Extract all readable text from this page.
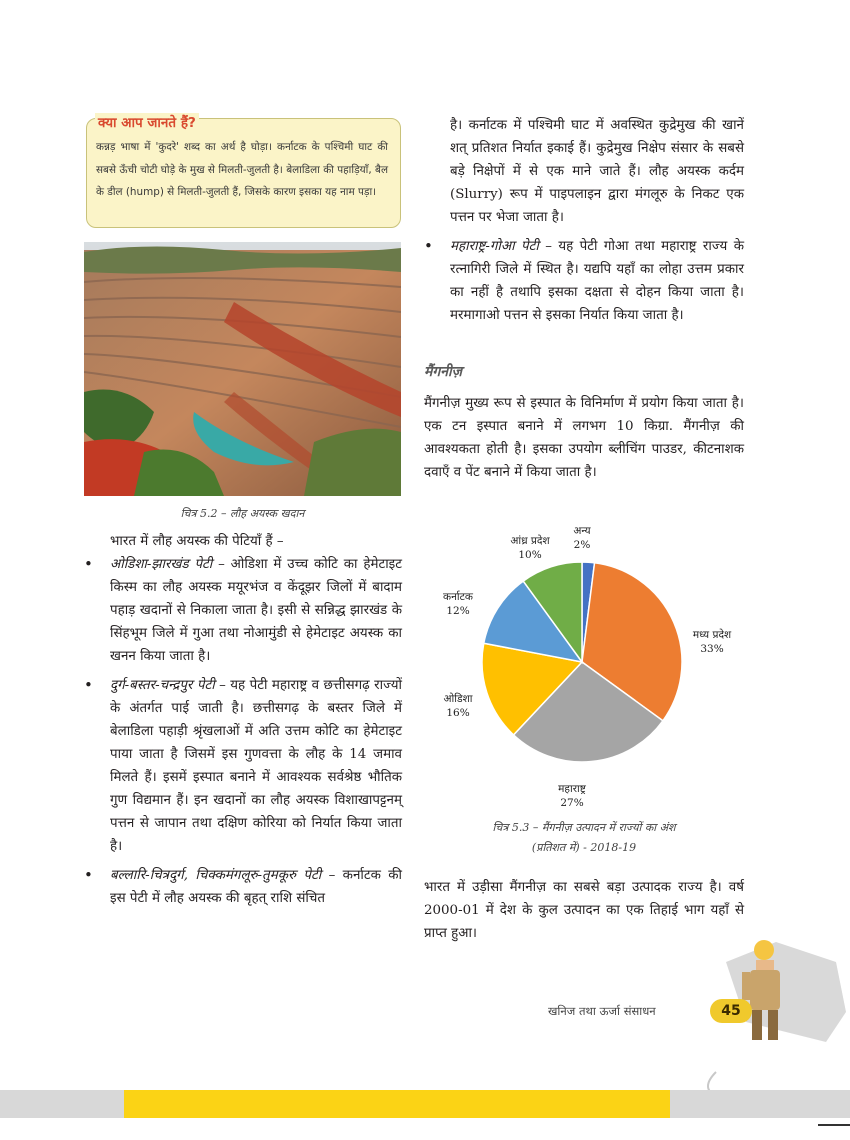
क्या आप जानते हैं?
कन्नड़ भाषा में 'कुदरे' शब्द का अर्थ है घोड़ा। कर्नाटक के पश्चिमी घाट की सबसे ऊँची चोटी घोड़े के मुख से मिलती-जुलती है। बेलाडिला की पहाड़ियाँ, बैल के डील (hump) से मिलती-जुलती हैं, जिसके कारण इसका यह नाम पड़ा।
चित्र 5.2 – लौह अयस्क खदान

भारत में लौह अयस्क की पेटियाँ हैं –

• ओडिशा-झारखंड पेटी – ओडिशा में उच्च कोटि का हेमेटाइट किस्म का लौह अयस्क मयूरभंज व केंदूझर जिलों में बादाम पहाड़ खदानों से निकाला जाता है। इसी से सन्निद्ध झारखंड के सिंहभूम जिले में गुआ तथा नोआमुंडी से हेमेटाइट अयस्क का खनन किया जाता है।
• दुर्ग-बस्तर-चन्द्रपुर पेटी – यह पेटी महाराष्ट्र व छत्तीसगढ़ राज्यों के अंतर्गत पाई जाती है। छत्तीसगढ़ के बस्तर जिले में बेलाडिला पहाड़ी श्रृंखलाओं में अति उत्तम कोटि का हेमेटाइट पाया जाता है जिसमें इस गुणवत्ता के लौह के 14 जमाव मिलते हैं। इसमें इस्पात बनाने में आवश्यक सर्वश्रेष्ठ भौतिक गुण विद्यमान हैं। इन खदानों का लौह अयस्क विशाखापट्टनम् पत्तन से जापान तथा दक्षिण कोरिया को निर्यात किया जाता है।
• बल्लारि-चित्रदुर्ग, चिक्कमंगलूरु-तुमकूरु पेटी – कर्नाटक की इस पेटी में लौह अयस्क की बृहत् राशि संचित

है। कर्नाटक में पश्चिमी घाट में अवस्थित कुद्रेमुख की खानें शत् प्रतिशत निर्यात इकाई हैं। कुद्रेमुख निक्षेप संसार के सबसे बड़े निक्षेपों में से एक माने जाते हैं। लौह अयस्क कर्दम (Slurry) रूप में पाइपलाइन द्वारा मंगलूरु के निकट एक पत्तन पर भेजा जाता है।

• महाराष्ट्र-गोआ पेटी – यह पेटी गोआ तथा महाराष्ट्र राज्य के रत्नागिरी जिले में स्थित है। यद्यपि यहाँ का लोहा उत्तम प्रकार का नहीं है तथापि इसका दक्षता से दोहन किया जाता है। मरमागाओ पत्तन से इसका निर्यात किया जाता है।
मैंगनीज़
मैंगनीज़ मुख्य रूप से इस्पात के विनिर्माण में प्रयोग किया जाता है। एक टन इस्पात बनाने में लगभग 10 किग्रा. मैंगनीज़ की आवश्यकता होती है। इसका उपयोग ब्लीचिंग पाउडर, कीटनाशक दवाएँ व पेंट बनाने में किया जाता है।
अन्य
2%
मध्य प्रदेश
33%
महाराष्ट्र
27%
ओडिशा
16%
कर्नाटक
12%
आंध्र प्रदेश
10%
चित्र 5.3 – मैंगनीज़ उत्पादन में राज्यों का अंश
(प्रतिशत में) - 2018-19
भारत में उड़ीसा मैंगनीज़ का सबसे बड़ा उत्पादक राज्य है। वर्ष 2000-01 में देश के कुल उत्पादन का एक तिहाई भाग यहाँ से प्राप्त हुआ।
खनिज तथा ऊर्जा संसाधन	45
